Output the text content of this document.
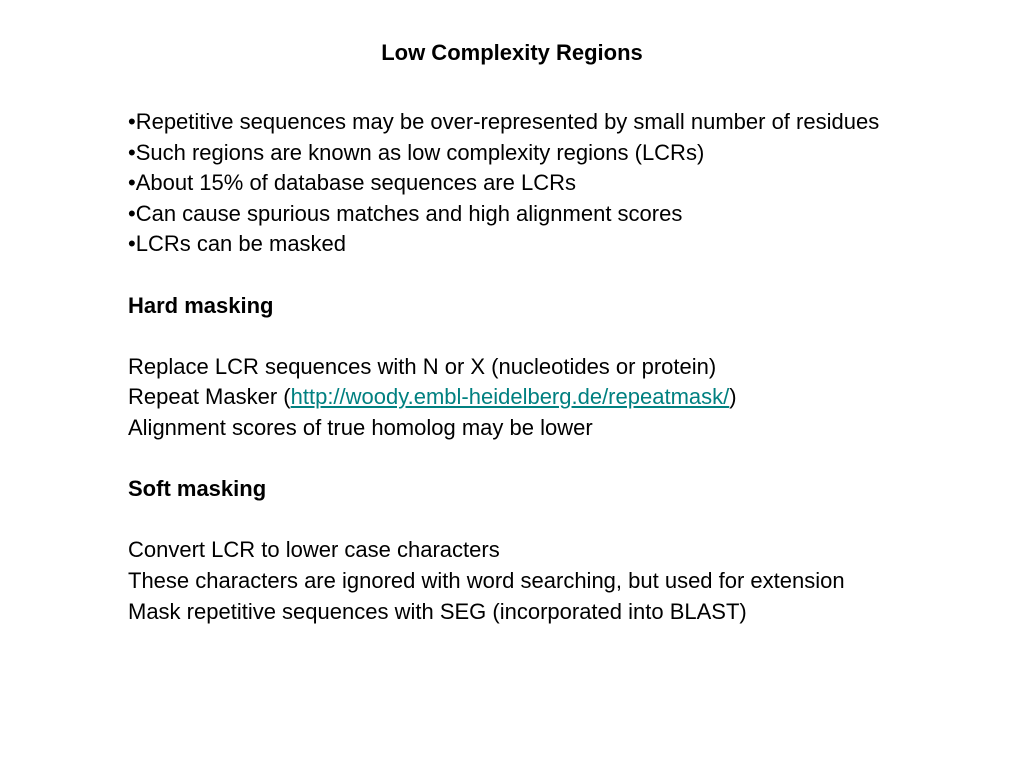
Low Complexity Regions
•Repetitive sequences may be over-represented by small number of residues
•Such regions are known as low complexity regions (LCRs)
•About 15% of database sequences are LCRs
•Can cause spurious matches and high alignment scores
•LCRs can be masked
Hard masking
Replace LCR sequences with N or X (nucleotides or protein)
Repeat Masker (http://woody.embl-heidelberg.de/repeatmask/)
Alignment scores of true homolog may be lower
Soft masking
Convert LCR to lower case characters
These characters are ignored with word searching, but used for extension
Mask repetitive sequences with SEG (incorporated into BLAST)
